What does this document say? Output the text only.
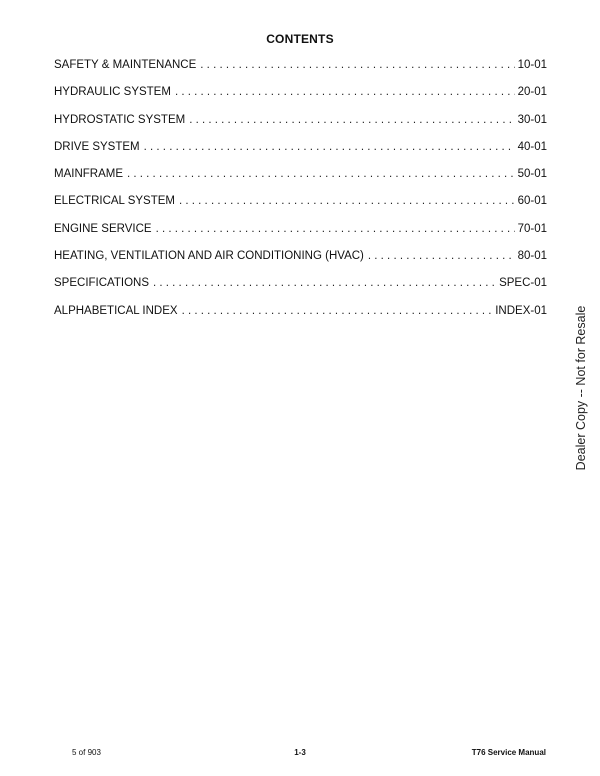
CONTENTS
SAFETY & MAINTENANCE . . .	10-01
HYDRAULIC SYSTEM . . .	20-01
HYDROSTATIC SYSTEM . . .	30-01
DRIVE SYSTEM . . .	40-01
MAINFRAME . . .	50-01
ELECTRICAL SYSTEM . . .	60-01
ENGINE SERVICE . . .	70-01
HEATING, VENTILATION AND AIR CONDITIONING (HVAC) . . .	80-01
SPECIFICATIONS . . .	SPEC-01
ALPHABETICAL INDEX . . .	INDEX-01 Dealer Copy -- Not for Resale
5 of 903	1-3	T76 Service Manual
